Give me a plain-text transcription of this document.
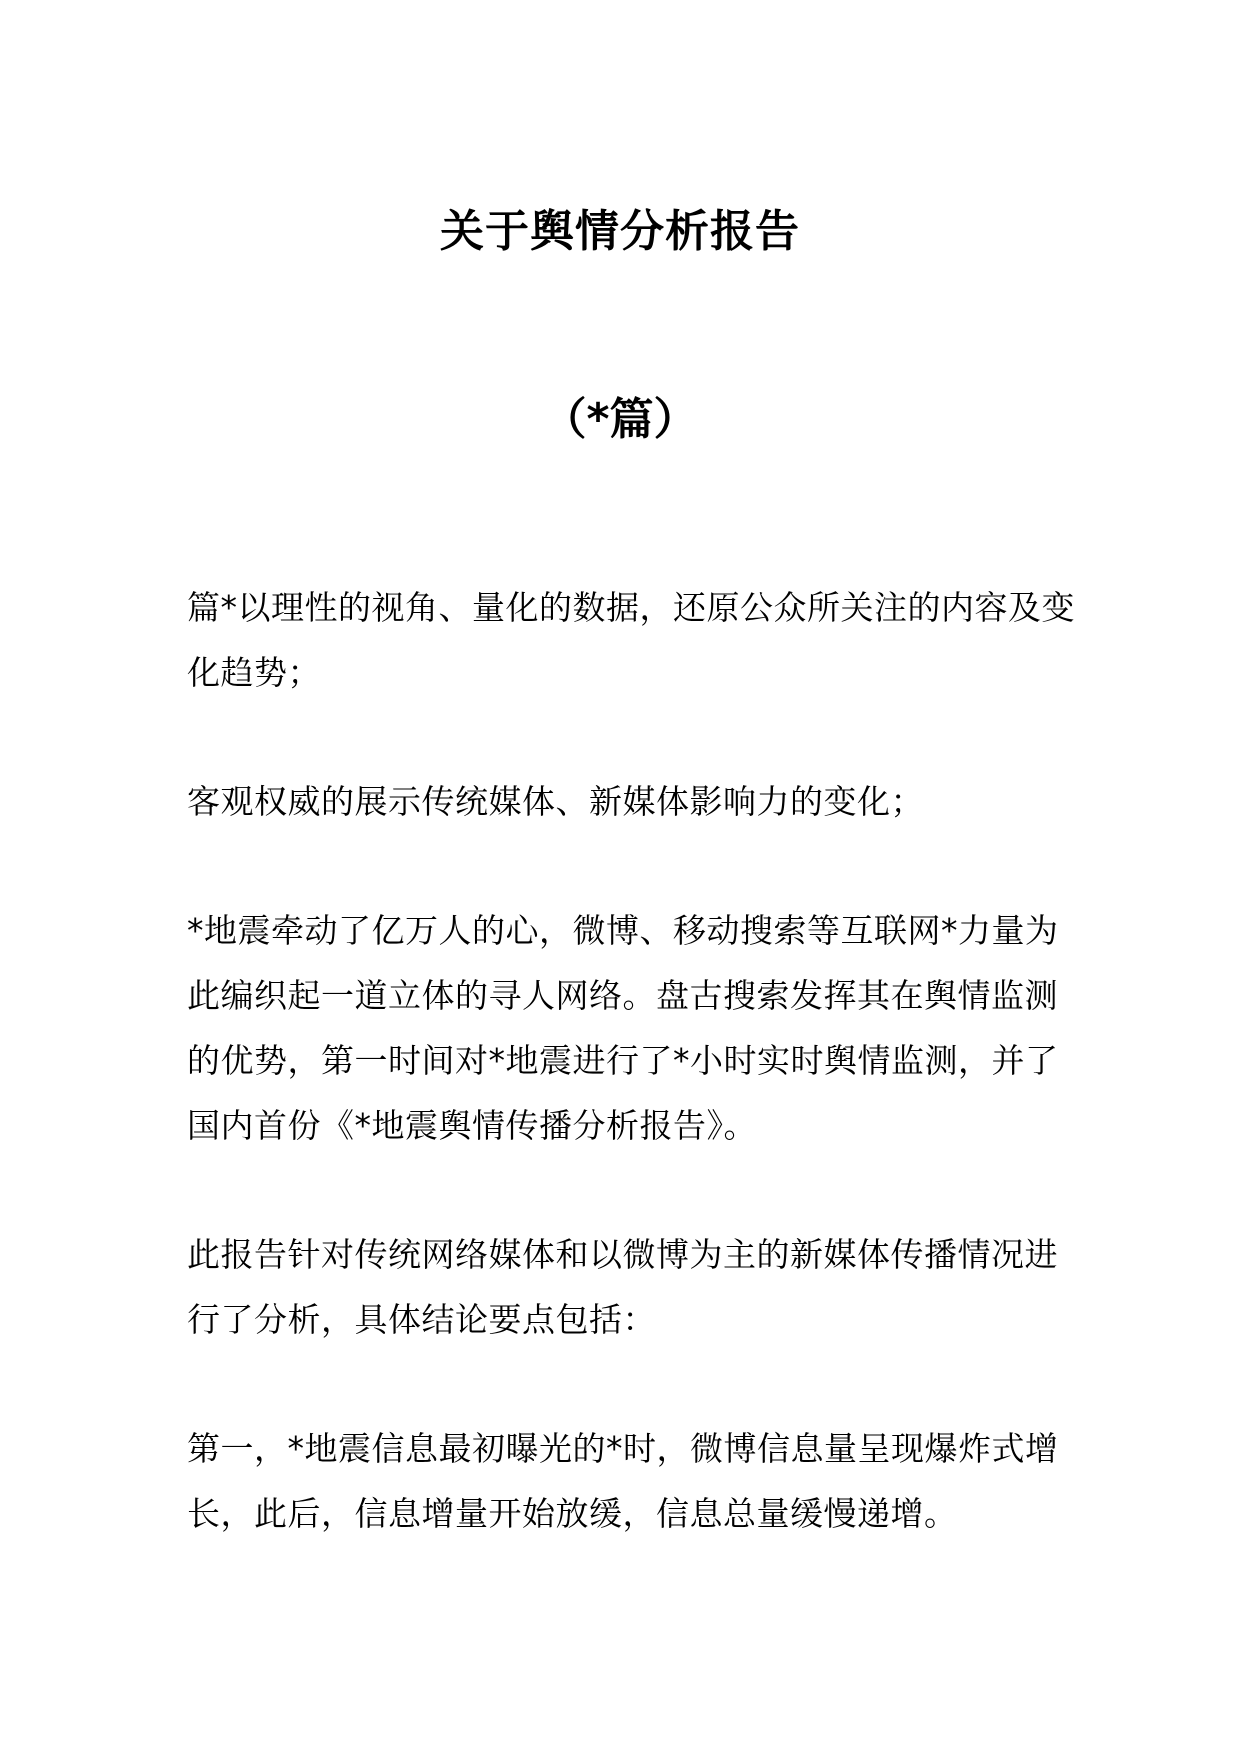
关于舆情分析报告
（*篇）

篇*以理性的视角、量化的数据，还原公众所关注的内容及变化趋势；

客观权威的展示传统媒体、新媒体影响力的变化；

*地震牵动了亿万人的心，微博、移动搜索等互联网*力量为此编织起一道立体的寻人网络。盘古搜索发挥其在舆情监测的优势，第一时间对*地震进行了*小时实时舆情监测，并了国内首份《*地震舆情传播分析报告》。

此报告针对传统网络媒体和以微博为主的新媒体传播情况进行了分析，具体结论要点包括：

第一，*地震信息最初曝光的*时，微博信息量呈现爆炸式增长，此后，信息增量开始放缓，信息总量缓慢递增。
